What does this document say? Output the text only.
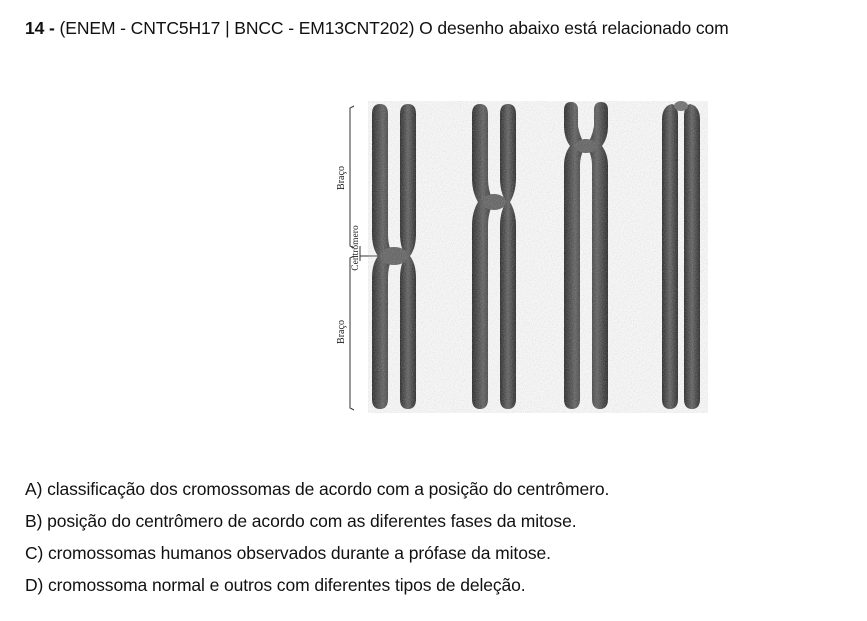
14 - (ENEM - CNTC5H17 | BNCC - EM13CNT202) O desenho abaixo está relacionado com
Braço
Centrômero
Braço
A) classificação dos cromossomas de acordo com a posição do centrômero.
B) posição do centrômero de acordo com as diferentes fases da mitose.
C) cromossomas humanos observados durante a prófase da mitose.
D) cromossoma normal e outros com diferentes tipos de deleção.
